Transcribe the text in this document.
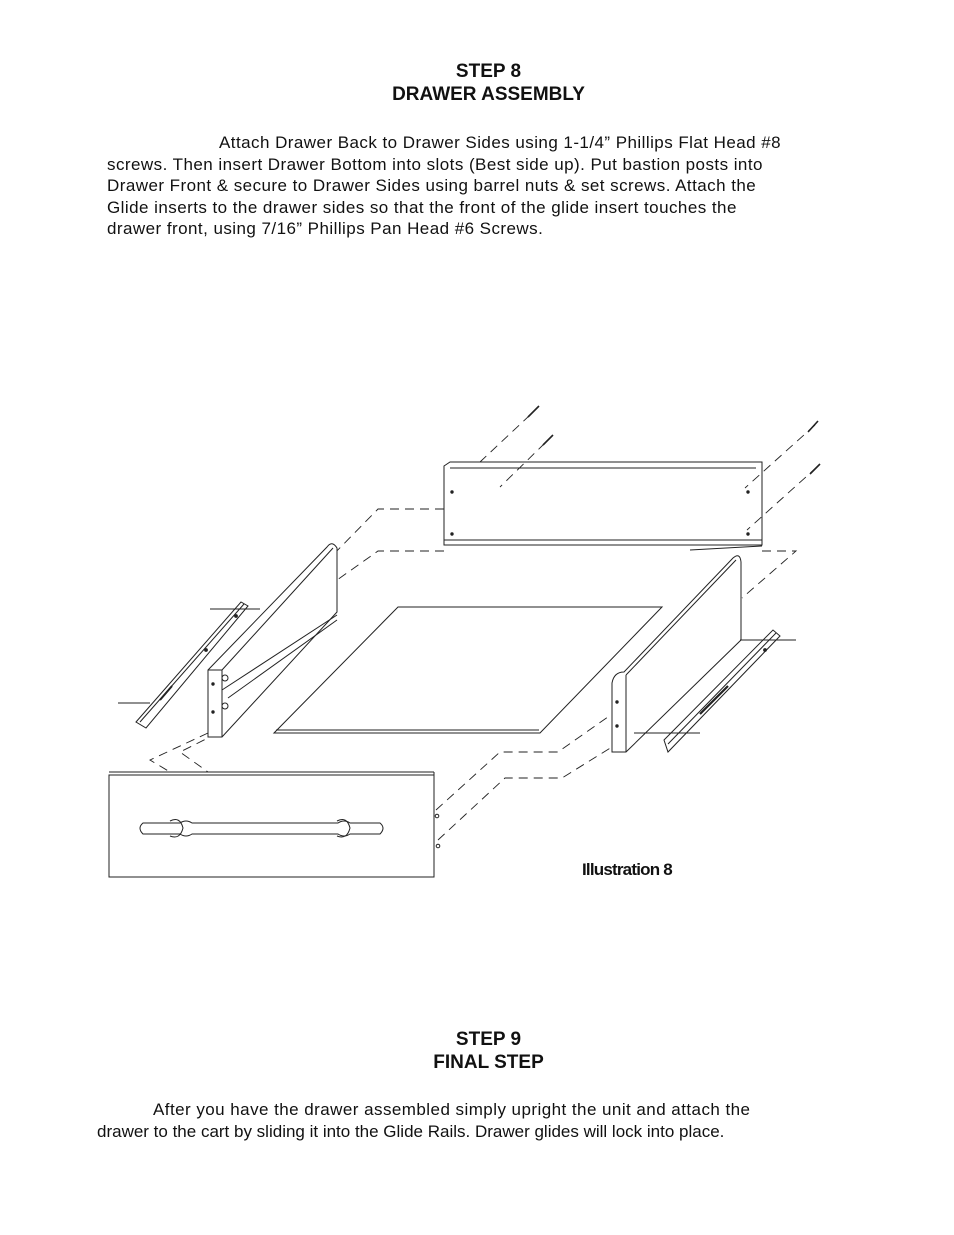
STEP 8
DRAWER ASSEMBLY
Attach Drawer Back to Drawer Sides using 1-1/4” Phillips Flat Head #8
screws. Then insert Drawer Bottom into slots (Best side up). Put bastion posts into
Drawer Front & secure to Drawer Sides using barrel nuts & set screws. Attach the
Glide inserts to the drawer sides so that the front of the glide insert touches the
drawer front, using 7/16” Phillips Pan Head #6 Screws.
Illustration 8
STEP 9
FINAL STEP
After you have the drawer assembled simply upright the unit and attach the
drawer to the cart by sliding it into the Glide Rails. Drawer glides will lock into place.
